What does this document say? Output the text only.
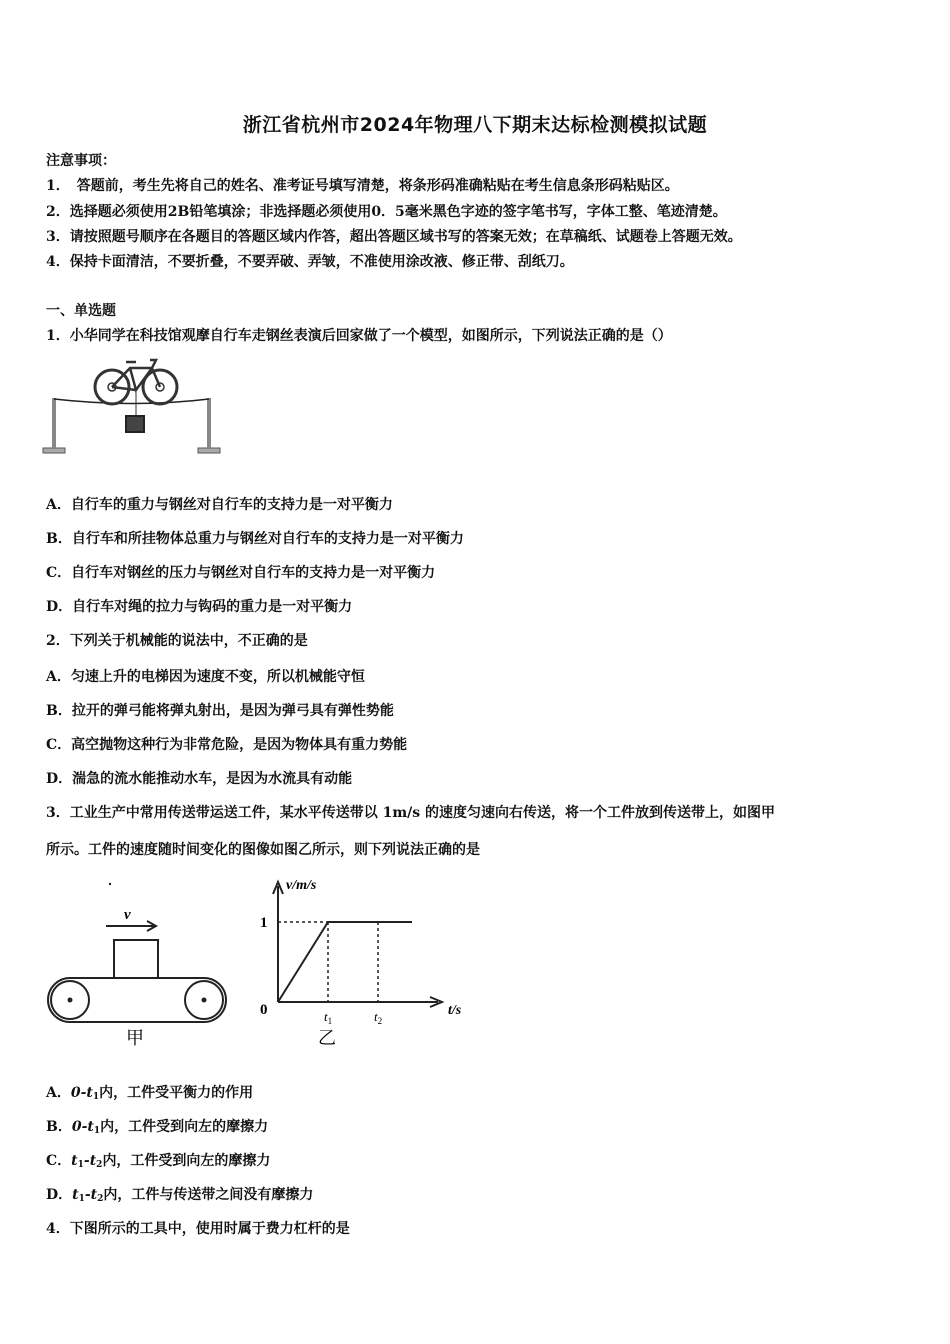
浙江省杭州市2024年物理八下期末达标检测模拟试题
注意事项：
1．　答题前，考生先将自己的姓名、准考证号填写清楚，将条形码准确粘贴在考生信息条形码粘贴区。
2．选择题必须使用2B铅笔填涂；非选择题必须使用0．5毫米黑色字迹的签字笔书写，字体工整、笔迹清楚。
3．请按照题号顺序在各题目的答题区域内作答，超出答题区域书写的答案无效；在草稿纸、试题卷上答题无效。
4．保持卡面清洁，不要折叠，不要弄破、弄皱，不准使用涂改液、修正带、刮纸刀。
一、单选题
1．小华同学在科技馆观摩自行车走钢丝表演后回家做了一个模型，如图所示，下列说法正确的是（）
A．自行车的重力与钢丝对自行车的支持力是一对平衡力
B．自行车和所挂物体总重力与钢丝对自行车的支持力是一对平衡力
C．自行车对钢丝的压力与钢丝对自行车的支持力是一对平衡力
D．自行车对绳的拉力与钩码的重力是一对平衡力
2．下列关于机械能的说法中，不正确的是
A．匀速上升的电梯因为速度不变，所以机械能守恒
B．拉开的弹弓能将弹丸射出，是因为弹弓具有弹性势能
C．高空抛物这种行为非常危险，是因为物体具有重力势能
D．湍急的流水能推动水车，是因为水流具有动能
3．工业生产中常用传送带运送工件，某水平传送带以 1m/s 的速度匀速向右传送，将一个工件放到传送带上，如图甲
所示。工件的速度随时间变化的图像如图乙所示，则下列说法正确的是
v
甲
v/m/s
1
0	t/s
$t_1$	$t_2$
乙
A．$0-t_1$内，工件受平衡力的作用
B．$0-t_1$内，工件受到向左的摩擦力
C．$t_1-t_2$内，工件受到向左的摩擦力
D．$t_1-t_2$内，工件与传送带之间没有摩擦力
4．下图所示的工具中，使用时属于费力杠杆的是
